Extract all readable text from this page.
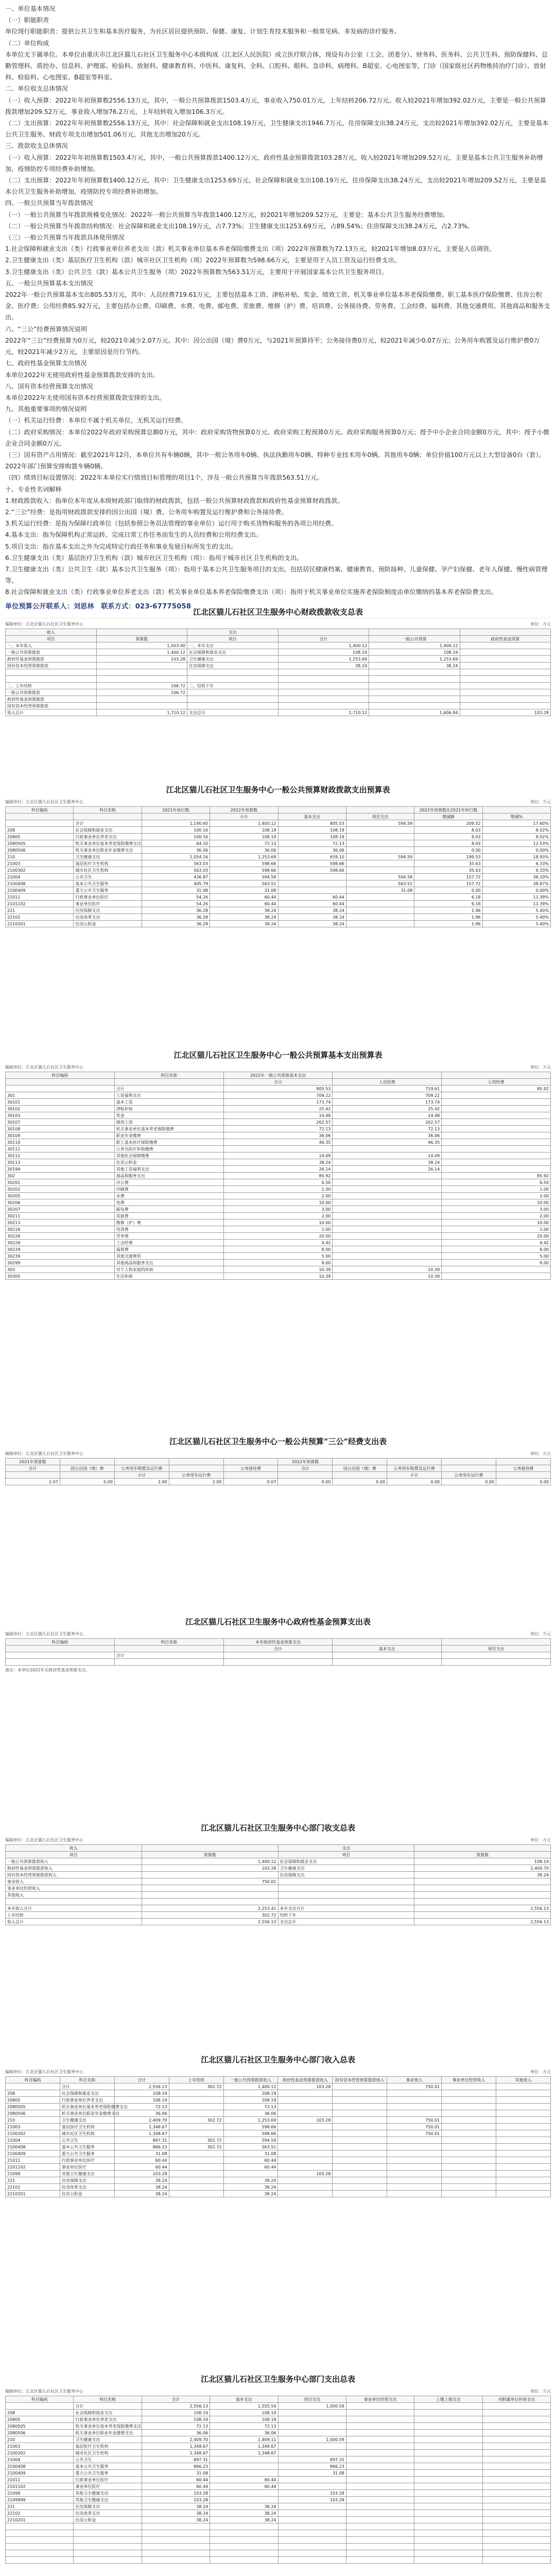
一、单位基本情况
（一）职能职责
单位现行职能职责：提供公共卫生和基本医疗服务，为社区居民提供预防、保健、康复、计划生育技术服务和一般常见病、多发病的诊疗服务。
（二）单位构成
本单位无下属单位。本单位由重庆市江北区猫儿石社区卫生服务中心本级构成（江北区人民医院）成立医疗联合体，现设有办公室（工会、团委分）、财务科、医务科、公共卫生科、预防保健科、总勤管理科、质控办、信息科、护理部、检验科、放射科、健康教育科、中医科、康复科、全科、口腔科、眼科、急诊科、病理科、B超室、心电图室等，门诊（国家级社区药物维持治疗门诊）、放射科、检验科、心电图室、B超室等科室。
二、单位收支总体情况
（一）收入预算：2022年年初预算数2556.13万元，其中，一般公共预算拨款1503.4万元，事业收入750.01万元，上年结转206.72万元。收入较2021年增加392.02万元，主要是一般公共预算拨款增加209.52万元，事业收入增加76.2万元，上年结转收入增加106.3万元。
（二）支出预算：2022年年初预算数2556.13万元，其中：社会保障和就业支出108.19万元，卫生健康支出1946.7万元，住房保障支出38.24万元，支出较2021年增加392.02万元，主要是基本公共卫生服务、财政专项支出增加501.06万元，其他支出增加20万元。
三、拨款收支总体情况
（一）收入预算：2022年年初预算数1503.4万元，其中，一般公共预算拨款1400.12万元，政府性基金预算拨款103.28万元，收入较2021年增加209.52万元，主要是基本公共卫生服务补助增加，疫情防控专项经费补助增加。
（二）支出预算：2022年年初预算数1400.12万元，其中：卫生健康支出1253.69万元，社会保障和就业支出108.19万元，住房保障支出38.24万元，支出较2021年增加209.52万元，主要是基本公共卫生服务补助增加，疫情防控专项经费补助增加。
四、一般公共预算当年拨款情况
（一）一般公共预算当年拨款规模变化情况：2022年一般公共预算当年拨款1400.12万元，较2021年增加209.52万元，主要是：基本公共卫生服务经费增加。
（二）一般公共预算当年拨款结构情况：社会保障和就业支出108.19万元，占7.73%；卫生健康支出1253.69万元，占89.54%；住房保障支出38.24万元，占2.73%。
（三）一般公共预算当年拨款具体使用情况
1.社会保障和就业支出（类）行政事业单位养老支出（款）机关事业单位基本养老保险缴费支出（项）2022年预算数为72.13万元，较2021年增加8.03万元，主要是人员调资。
2.卫生健康支出（类）基层医疗卫生机构（款）城市社区卫生机构（项）2022年预算数为598.66万元，主要是用于人员工资及运行经费支出。
3.卫生健康支出（类）公共卫生（款）基本公共卫生服务（项）2022年预算数为563.51万元，主要用于开展国家基本公共卫生服务项目。
五、一般公共预算基本支出情况
2022年一般公共预算基本支出805.53万元，其中：人员经费719.61万元，主要包括基本工资、津贴补贴、奖金、绩效工资、机关事业单位基本养老保险缴费、职工基本医疗保险缴费、住房公积金、医疗费；公用经费85.92万元，主要包括办公费、印刷费、水费、电费、邮电费、差旅费、维修（护）费、培训费、公务接待费、劳务费、工会经费、福利费、其他交通费用、其他商品和服务支出。
六、“三公”经费预算情况说明
2022年“三公”经费预算为0万元，较2021年减少2.07万元。其中：因公出国（境）费0万元，与2021年预算持平；公务接待费0万元，较2021年减少0.07万元；公务用车购置及运行维护费0万元，较2021年减少2万元，主要原因是厉行节约。
七、政府性基金预算支出情况
本单位2022年无使用政府性基金预算拨款安排的支出。
八、国有资本经营预算支出情况
本单位2022年无使用国有资本经营预算拨款安排的支出。
九、其他重要事项的情况说明
（一）机关运行经费：本单位不属于机关单位，无机关运行经费。
（二）政府采购情况：本单位2022年政府采购预算总额0万元，其中：政府采购货物预算0万元、政府采购工程预算0万元、政府采购服务预算0万元；授予中小企业合同金额0万元，其中：授予小微企业合同金额0万元。
（三）国有资产占用情况：截至2021年12月，本单位共有车辆0辆，其中一般公务用车0辆、执法执勤用车0辆、特种专业技术用车0辆、其他用车0辆；单位价值100万元以上大型设备0台（套）。2022年部门预算安排购置车辆0辆。
（四）绩效目标设置情况：2022年本单位实行绩效目标管理的项目1个，涉及一般公共预算当年拨款563.51万元。
十、专业性名词解释
1.财政拨款收入：指单位本年度从本级财政部门取得的财政拨款，包括一般公共预算财政拨款和政府性基金预算财政拨款。
2.“三公”经费：是指用财政拨款安排的因公出国（境）费、公务用车购置及运行维护费和公务接待费。
3.机关运行经费：是指为保障行政单位（包括参照公务员法管理的事业单位）运行用于购买货物和服务的各项公用经费。
4.基本支出：指为保障机构正常运转、完成日常工作任务而发生的人员经费和公用经费支出。
5.项目支出：指在基本支出之外为完成特定行政任务和事业发展目标所发生的支出。
6.卫生健康支出（类）基层医疗卫生机构（款）城市社区卫生机构（项）：指用于城市社区卫生机构的支出。
7.卫生健康支出（类）公共卫生（款）基本公共卫生服务（项）：指用于基本公共卫生服务项目的支出，包括居民健康档案、健康教育、预防接种、儿童保健、孕产妇保健、老年人保健、慢性病管理等。
8.社会保障和就业支出（类）行政事业单位养老支出（款）机关事业单位基本养老保险缴费支出（项）：指用于机关事业单位实施养老保险制度由单位缴纳的基本养老保险费支出。
单位预算公开联系人：刘思林　联系方式：023-67775058
江北区猫儿石社区卫生服务中心财政拨款收支总表
编制单位：江北区猫儿石社区卫生服务中心	单位：万元
收入		支出			
项目	预算数	项目	合计	一般公共预算	政府性基金预算
一、本年收入	1,503.40	一、本年支出	1,400.12	1,400.12	
一般公共预算拨款	1,400.12	社会保障和就业支出	108.19	108.19	
政府性基金预算拨款	103.28	卫生健康支出	1,253.69	1,253.69	
国有资本经营预算拨款		住房保障支出	38.24	38.24	

二、上年结转	206.72	二、结转下年			
一般公共预算拨款	206.72				
政府性基金预算拨款					
国有资本经营预算拨款					
收入总计	1,710.12	支出总计	1,710.12	1,606.84	103.28
江北区猫儿石社区卫生服务中心一般公共预算财政拨款支出预算表
编制单位：江北区猫儿石社区卫生服务中心	单位：万元
科目编码	科目名称	2021年执行数	2022年预算数			2022年预算数比2021年执行数	
			小计	基本支出	项目支出	增减额	增减%
	合计	1,190.60	1,400.12	805.53	594.59	209.52	17.60%
208	社会保障和就业支出	100.16	108.19	108.19		8.03	8.02%
20805	行政事业单位养老支出	100.16	108.19	108.19		8.03	8.02%
2080505	机关事业单位基本养老保险缴费支出	64.10	72.13	72.13		8.03	12.53%
2080506	机关事业单位职业年金缴费支出	36.06	36.06	36.06		0.00	0.00%
210	卫生健康支出	1,054.16	1,253.69	659.10	594.59	199.53	18.93%
21003	基层医疗卫生机构	563.03	598.66	598.66		35.63	6.33%
2100302	城市社区卫生机构	563.03	598.66	598.66		35.63	6.33%
21004	公共卫生	436.87	594.59		594.59	157.72	36.10%
2100408	基本公共卫生服务	405.79	563.51		563.51	157.72	38.87%
2100409	重大公共卫生服务	31.08	31.08		31.08	0.00	0.00%
21011	行政事业单位医疗	54.26	60.44	60.44		6.18	11.39%
2101102	事业单位医疗	54.26	60.44	60.44		6.18	11.39%
221	住房保障支出	36.28	38.24	38.24		1.96	5.40%
22102	住房改革支出	36.28	38.24	38.24		1.96	5.40%
2210201	住房公积金	36.28	38.24	38.24		1.96	5.40%
江北区猫儿石社区卫生服务中心一般公共预算基本支出预算表
编制单位：江北区猫儿石社区卫生服务中心	单位：万元
科目编码	科目名称	2022年一般公共预算基本支出		
		合计	人员经费	公用经费
	合计	805.53	719.61	85.92
301	工资福利支出	709.22	709.22	
30101	基本工资	173.74	173.74	
30102	津贴补贴	25.42	25.42	
30103	奖金	14.48	14.48	
30107	绩效工资	262.57	262.57	
30108	机关事业单位基本养老保险缴费	72.13	72.13	
30109	职业年金缴费	36.06	36.06	
30110	职工基本医疗保险缴费	46.35	46.35	
30111	公务员医疗补助缴费			
30112	其他社会保障缴费	14.09	14.09	
30113	住房公积金	38.24	38.24	
30199	其他工资福利支出	26.14	26.14	
302	商品和服务支出	85.92		85.92
30201	办公费	6.50		6.50
30202	印刷费	1.00		1.00
30205	水费	2.00		2.00
30206	电费	10.00		10.00
30207	邮电费	3.00		3.00
30211	差旅费	2.00		2.00
30213	维修（护）费	10.00		10.00
30216	培训费	1.00		1.00
30226	劳务费	20.00		20.00
30228	工会经费	9.42		9.42
30229	福利费	8.00		8.00
30239	其他交通费用	5.00		5.00
30299	其他商品和服务支出	8.00		8.00
303	对个人和家庭的补助	10.39	10.39	
30305	生活补助	10.39	10.39	
江北区猫儿石社区卫生服务中心一般公共预算“三公”经费支出表
编制单位：江北区猫儿石社区卫生服务中心	单位：万元
2021年预算数					2022年预算数				
合计	因公出国（境）费	公务用车购置及运行费		公务接待费	合计	因公出国（境）费	公务用车购置及运行费		公务接待费
		小计	公务用车运行费				小计	公务用车运行费	
2.07	0.00	2.00	2.00	0.07	0.00	0.00	0.00	0.00	0.00
江北区猫儿石社区卫生服务中心政府性基金预算支出表
编制单位：江北区猫儿石社区卫生服务中心	单位：万元
科目编码	科目名称	本年政府性基金预算支出		
		合计	基本支出	项目支出
	合计			

备注：本单位2022年无政府性基金预算支出。
江北区猫儿石社区卫生服务中心部门收支总表
编制单位：江北区猫儿石社区卫生服务中心	单位：万元
收入		支出	
项目	预算数	项目	预算数
一般公共预算拨款收入	1,400.12	社会保障和就业支出	108.19
政府性基金预算拨款收入	103.28	卫生健康支出	2,409.70
国有资本经营预算拨款收入		住房保障支出	38.24
事业收入	750.01		
事业单位经营收入			
其他收入			

本年收入合计	2,253.41	本年支出合计	2,556.13
上年结转	302.72	结转下年	
收入总计	2,556.13	支出总计	2,556.13
江北区猫儿石社区卫生服务中心部门收入总表
编制单位：江北区猫儿石社区卫生服务中心	单位：万元
科目编码	科目名称	合计	上年结转	一般公共预算拨款收入	政府性基金预算拨款收入	国有资本经营预算拨款收入	事业收入	事业单位经营收入	其他收入
	合计	2,556.13	302.72	1,400.12	103.28		750.01		
208	社会保障和就业支出	108.19		108.19					
20805	行政事业单位养老支出	108.19		108.19					
2080505	机关事业单位基本养老保险缴费支出	72.13		72.13					
2080506	机关事业单位职业年金缴费支出	36.06		36.06					
210	卫生健康支出	2,409.70	302.72	1,253.69	103.28		750.01		
21003	基层医疗卫生机构	1,348.67		598.66			750.01		
2100302	城市社区卫生机构	1,348.67		598.66			750.01		
21004	公共卫生	897.31	302.72	594.59					
2100408	基本公共卫生服务	866.23	302.72	563.51					
2100409	重大公共卫生服务	31.08		31.08					
21011	行政事业单位医疗	60.44		60.44					
2101102	事业单位医疗	60.44		60.44					
21099	其他卫生健康支出	103.28			103.28				
221	住房保障支出	38.24		38.24					
22102	住房改革支出	38.24		38.24					
2210201	住房公积金	38.24		38.24					
江北区猫儿石社区卫生服务中心部门支出总表
编制单位：江北区猫儿石社区卫生服务中心	单位：万元
科目编码	科目名称	合计	基本支出	项目支出	事业单位经营支出	上缴上级支出	对附属单位补助支出
	合计	2,556.13	1,555.54	1,000.59			
208	社会保障和就业支出	108.19	108.19				
20805	行政事业单位养老支出	108.19	108.19				
2080505	机关事业单位基本养老保险缴费支出	72.13	72.13				
2080506	机关事业单位职业年金缴费支出	36.06	36.06				
210	卫生健康支出	2,409.70	1,409.11	1,000.59			
21003	基层医疗卫生机构	1,348.67	1,348.67				
2100302	城市社区卫生机构	1,348.67	1,348.67				
21004	公共卫生	897.31		897.31			
2100408	基本公共卫生服务	866.23		866.23			
2100409	重大公共卫生服务	31.08		31.08			
21011	行政事业单位医疗	60.44	60.44				
2101102	事业单位医疗	60.44	60.44				
21099	其他卫生健康支出	103.28		103.28			
2109999	其他卫生健康支出	103.28		103.28			
221	住房保障支出	38.24	38.24				
22102	住房改革支出	38.24	38.24				
2210201	住房公积金	38.24	38.24				
